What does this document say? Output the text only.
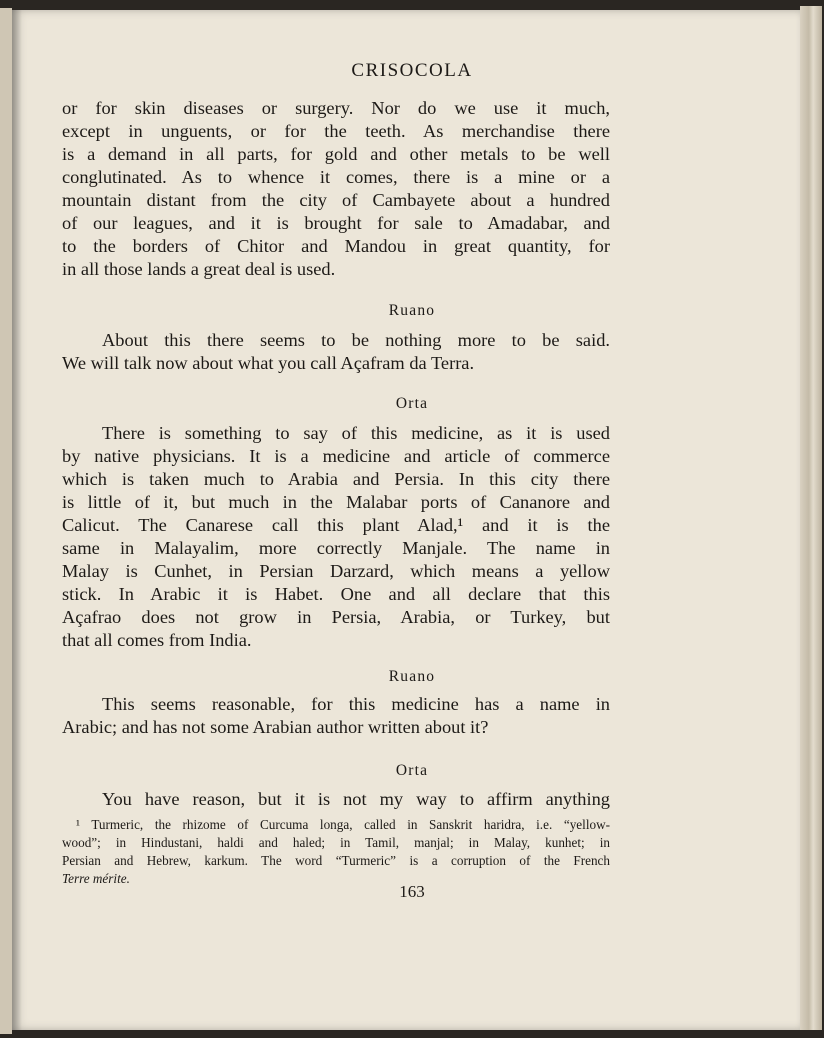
CRISOCOLA
or for skin diseases or surgery. Nor do we use it much,
except in unguents, or for the teeth. As merchandise there
is a demand in all parts, for gold and other metals to be well
conglutinated. As to whence it comes, there is a mine or a
mountain distant from the city of Cambayete about a hundred
of our leagues, and it is brought for sale to Amadabar, and
to the borders of Chitor and Mandou in great quantity, for
in all those lands a great deal is used.
Ruano
About this there seems to be nothing more to be said.
We will talk now about what you call Açafram da Terra.
Orta
There is something to say of this medicine, as it is used
by native physicians. It is a medicine and article of commerce
which is taken much to Arabia and Persia. In this city there
is little of it, but much in the Malabar ports of Cananore and
Calicut. The Canarese call this plant Alad,¹ and it is the
same in Malayalim, more correctly Manjale. The name in
Malay is Cunhet, in Persian Darzard, which means a yellow
stick. In Arabic it is Habet. One and all declare that this
Açafrao does not grow in Persia, Arabia, or Turkey, but
that all comes from India.
Ruano
This seems reasonable, for this medicine has a name in
Arabic; and has not some Arabian author written about it?
Orta
You have reason, but it is not my way to affirm anything
¹ Turmeric, the rhizome of Curcuma longa, called in Sanskrit haridra, i.e. “yellow-
wood”; in Hindustani, haldi and haled; in Tamil, manjal; in Malay, kunhet; in
Persian and Hebrew, karkum. The word “Turmeric” is a corruption of the French
Terre mérite.
163
